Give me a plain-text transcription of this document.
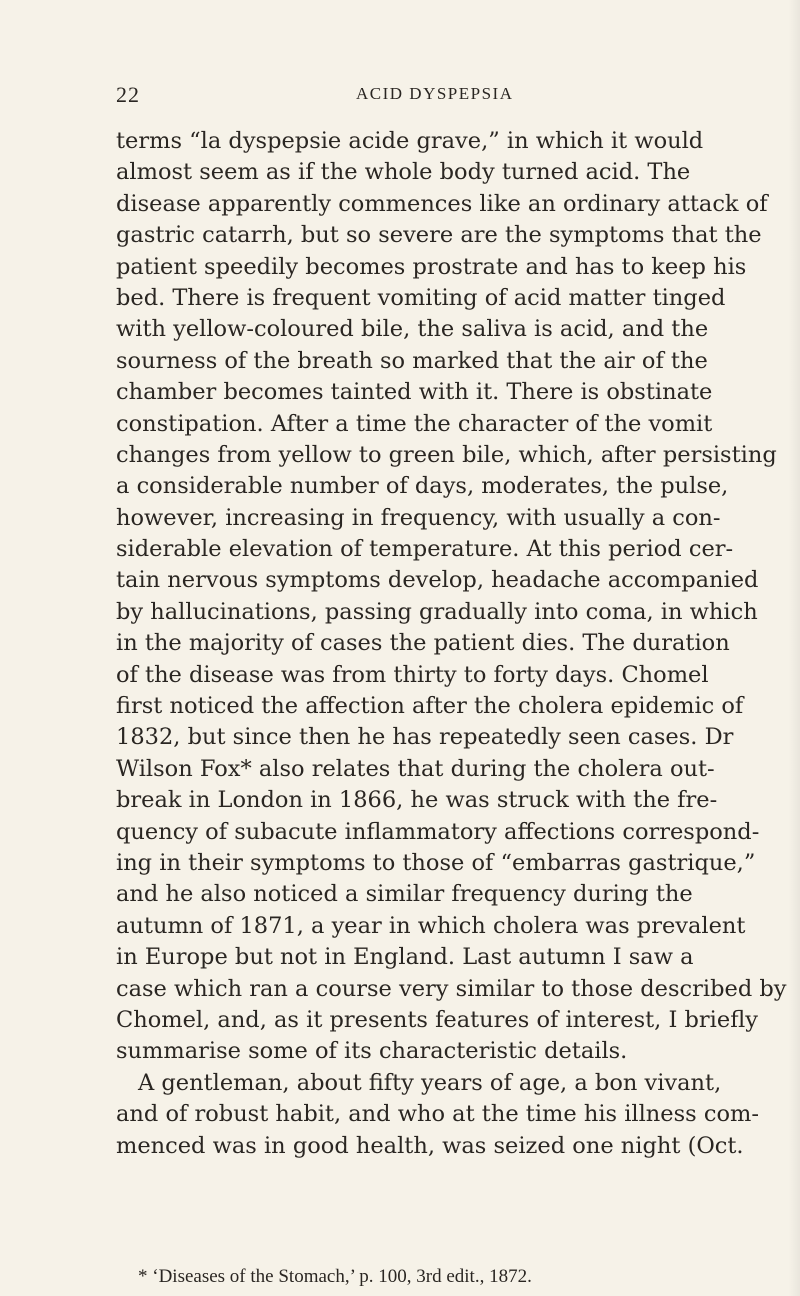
22	ACID DYSPEPSIA
terms “la dyspepsie acide grave,” in which it would
almost seem as if the whole body turned acid. The
disease apparently commences like an ordinary attack of
gastric catarrh, but so severe are the symptoms that the
patient speedily becomes prostrate and has to keep his
bed. There is frequent vomiting of acid matter tinged
with yellow-coloured bile, the saliva is acid, and the
sourness of the breath so marked that the air of the
chamber becomes tainted with it. There is obstinate
constipation. After a time the character of the vomit
changes from yellow to green bile, which, after persisting
a considerable number of days, moderates, the pulse,
however, increasing in frequency, with usually a con-
siderable elevation of temperature. At this period cer-
tain nervous symptoms develop, headache accompanied
by hallucinations, passing gradually into coma, in which
in the majority of cases the patient dies. The duration
of the disease was from thirty to forty days. Chomel
first noticed the affection after the cholera epidemic of
1832, but since then he has repeatedly seen cases. Dr
Wilson Fox* also relates that during the cholera out-
break in London in 1866, he was struck with the fre-
quency of subacute inflammatory affections correspond-
ing in their symptoms to those of “embarras gastrique,”
and he also noticed a similar frequency during the
autumn of 1871, a year in which cholera was prevalent
in Europe but not in England. Last autumn I saw a
case which ran a course very similar to those described by
Chomel, and, as it presents features of interest, I briefly
summarise some of its characteristic details.
A gentleman, about fifty years of age, a bon vivant,
and of robust habit, and who at the time his illness com-
menced was in good health, was seized one night (Oct.
* ‘Diseases of the Stomach,’ p. 100, 3rd edit., 1872.
